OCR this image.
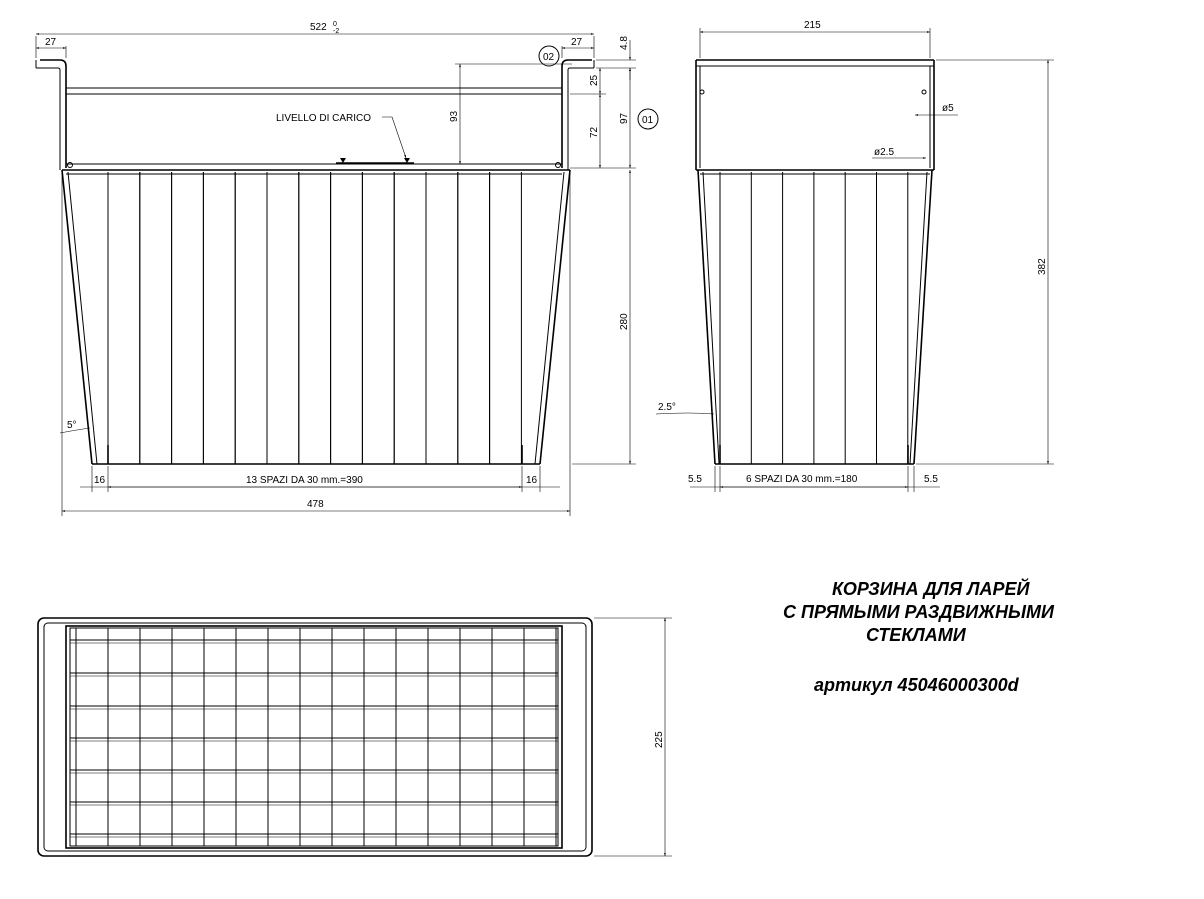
522 0
-2
27	27
02
01
4.8
25
72
97
93
280
LIVELLO DI CARICO
5°
16	13 SPAZI DA 30 mm.=390	16
478
215
ø5
ø2.5
382
2.5°
5.5	6 SPAZI DA 30 mm.=180	5.5
225
КОРЗИНА ДЛЯ ЛАРЕЙ
С ПРЯМЫМИ РАЗДВИЖНЫМИ
СТЕКЛАМИ
артикул 45046000300d
